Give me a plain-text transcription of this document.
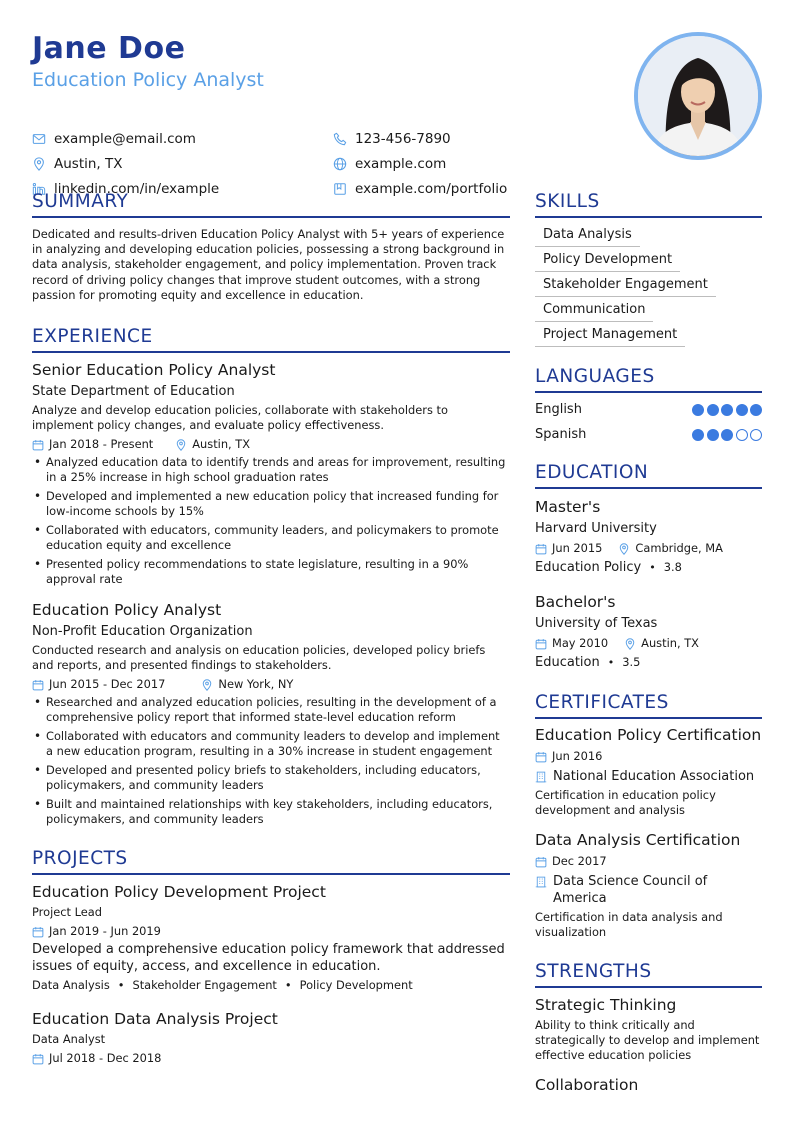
Jane Doe
Education Policy Analyst
example@email.com	123-456-7890
Austin, TX	example.com
linkedin.com/in/example	example.com/portfolio
SUMMARY
Dedicated and results-driven Education Policy Analyst with 5+ years of experience in analyzing and developing education policies, possessing a strong background in data analysis, stakeholder engagement, and policy implementation. Proven track record of driving policy changes that improve student outcomes, with a strong passion for promoting equity and excellence in education.
EXPERIENCE
Senior Education Policy Analyst
State Department of Education
Analyze and develop education policies, collaborate with stakeholders to implement policy changes, and evaluate policy effectiveness.
Jan 2018 - Present	Austin, TX
• Analyzed education data to identify trends and areas for improvement, resulting in a 25% increase in high school graduation rates
• Developed and implemented a new education policy that increased funding for low-income schools by 15%
• Collaborated with educators, community leaders, and policymakers to promote education equity and excellence
• Presented policy recommendations to state legislature, resulting in a 90% approval rate
Education Policy Analyst
Non-Profit Education Organization
Conducted research and analysis on education policies, developed policy briefs and reports, and presented findings to stakeholders.
Jun 2015 - Dec 2017	New York, NY
• Researched and analyzed education policies, resulting in the development of a comprehensive policy report that informed state-level education reform
• Collaborated with educators and community leaders to develop and implement a new education program, resulting in a 30% increase in student engagement
• Developed and presented policy briefs to stakeholders, including educators, policymakers, and community leaders
• Built and maintained relationships with key stakeholders, including educators, policymakers, and community leaders
PROJECTS
Education Policy Development Project
Project Lead
Jan 2019 - Jun 2019
Developed a comprehensive education policy framework that addressed issues of equity, access, and excellence in education.
Data Analysis • Stakeholder Engagement • Policy Development
Education Data Analysis Project
Data Analyst
Jul 2018 - Dec 2018
SKILLS
Data Analysis
Policy Development
Stakeholder Engagement
Communication
Project Management
LANGUAGES
English
Spanish
EDUCATION
Master's
Harvard University
Jun 2015	Cambridge, MA
Education Policy • 3.8
Bachelor's
University of Texas
May 2010	Austin, TX
Education • 3.5
CERTIFICATES
Education Policy Certification
Jun 2016
National Education Association
Certification in education policy development and analysis
Data Analysis Certification
Dec 2017
Data Science Council of America
Certification in data analysis and visualization
STRENGTHS
Strategic Thinking
Ability to think critically and strategically to develop and implement effective education policies
Collaboration
